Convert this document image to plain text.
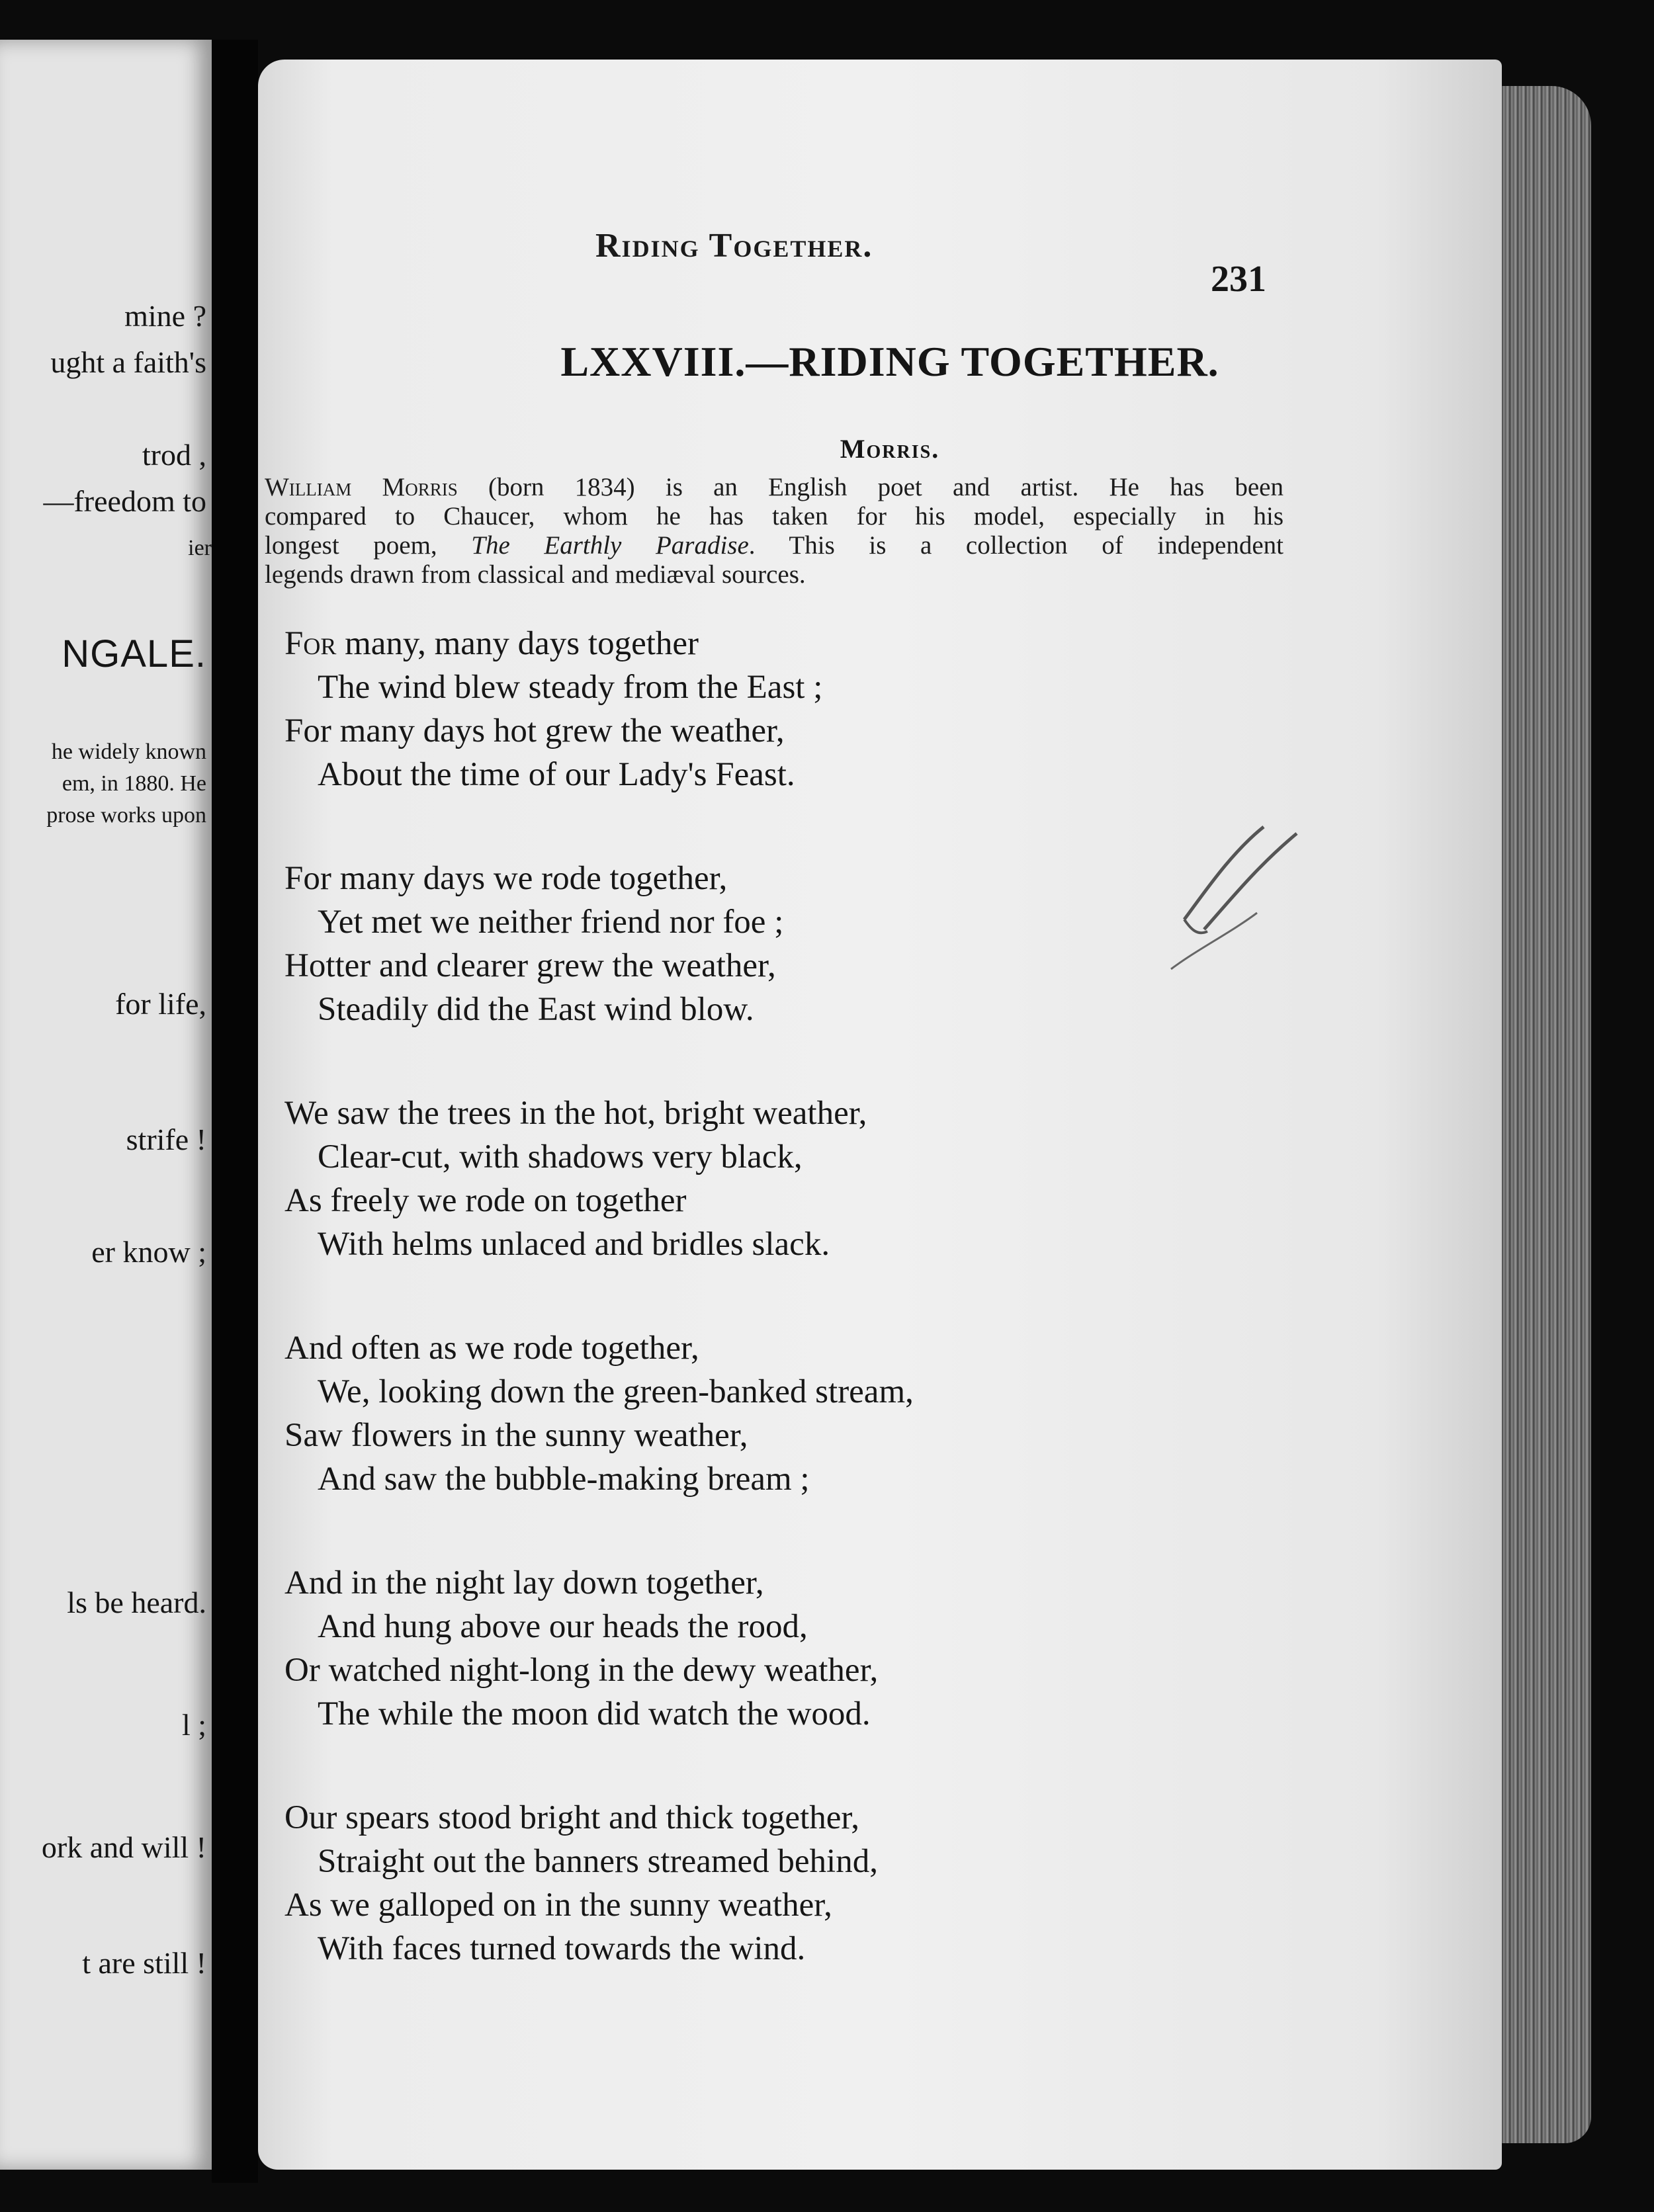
mine ?
ught a faith's
trod ,
—freedom to
ier
NGALE.
he widely known
em, in 1880. He
prose works upon
for life,
strife !
er know ;
ls be heard.
l ;
ork and will !
t are still !
Riding Together.
231
LXXVIII.—RIDING TOGETHER.
Morris.
William Morris (born 1834) is an English poet and artist. He has been
compared to Chaucer, whom he has taken for his model, especially in his
longest poem, The Earthly Paradise. This is a collection of independent
legends drawn from classical and mediæval sources.
For many, many days together
The wind blew steady from the East ;
For many days hot grew the weather,
About the time of our Lady's Feast.
For many days we rode together,
Yet met we neither friend nor foe ;
Hotter and clearer grew the weather,
Steadily did the East wind blow.
We saw the trees in the hot, bright weather,
Clear-cut, with shadows very black,
As freely we rode on together
With helms unlaced and bridles slack.
And often as we rode together,
We, looking down the green-banked stream,
Saw flowers in the sunny weather,
And saw the bubble-making bream ;
And in the night lay down together,
And hung above our heads the rood,
Or watched night-long in the dewy weather,
The while the moon did watch the wood.
Our spears stood bright and thick together,
Straight out the banners streamed behind,
As we galloped on in the sunny weather,
With faces turned towards the wind.
